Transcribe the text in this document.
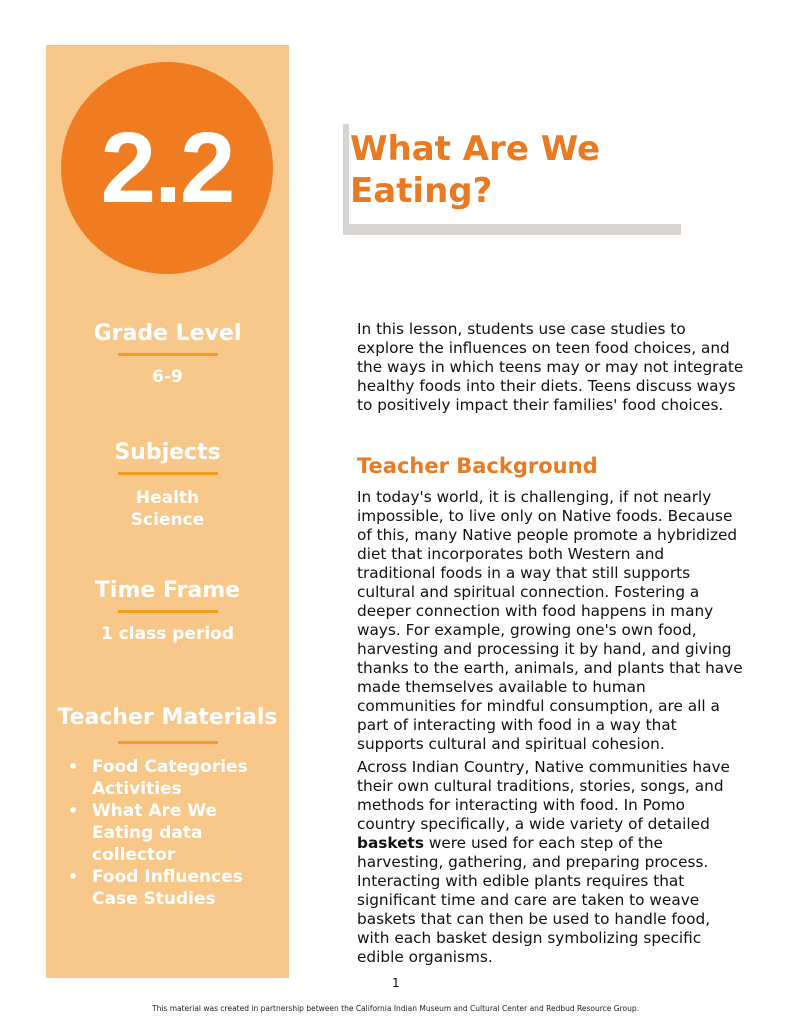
2.2
Grade Level
6-9
Subjects
Health
Science
Time Frame
1 class period
Teacher Materials
• Food Categories Activities
• What Are We Eating data collector
• Food Influences Case Studies
What Are We
Eating?

In this lesson, students use case studies to explore the influences on teen food choices, and the ways in which teens may or may not integrate healthy foods into their diets. Teens discuss ways to positively impact their families' food choices.

Teacher Background

In today's world, it is challenging, if not nearly impossible, to live only on Native foods. Because of this, many Native people promote a hybridized diet that incorporates both Western and traditional foods in a way that still supports cultural and spiritual connection. Fostering a deeper connection with food happens in many ways. For example, growing one's own food, harvesting and processing it by hand, and giving thanks to the earth, animals, and plants that have made themselves available to human communities for mindful consumption, are all a part of interacting with food in a way that supports cultural and spiritual cohesion.

Across Indian Country, Native communities have their own cultural traditions, stories, songs, and methods for interacting with food. In Pomo country specifically, a wide variety of detailed baskets were used for each step of the harvesting, gathering, and preparing process. Interacting with edible plants requires that significant time and care are taken to weave baskets that can then be used to handle food, with each basket design symbolizing specific edible organisms.

1
This material was created in partnership between the California Indian Museum and Cultural Center and Redbud Resource Group.
